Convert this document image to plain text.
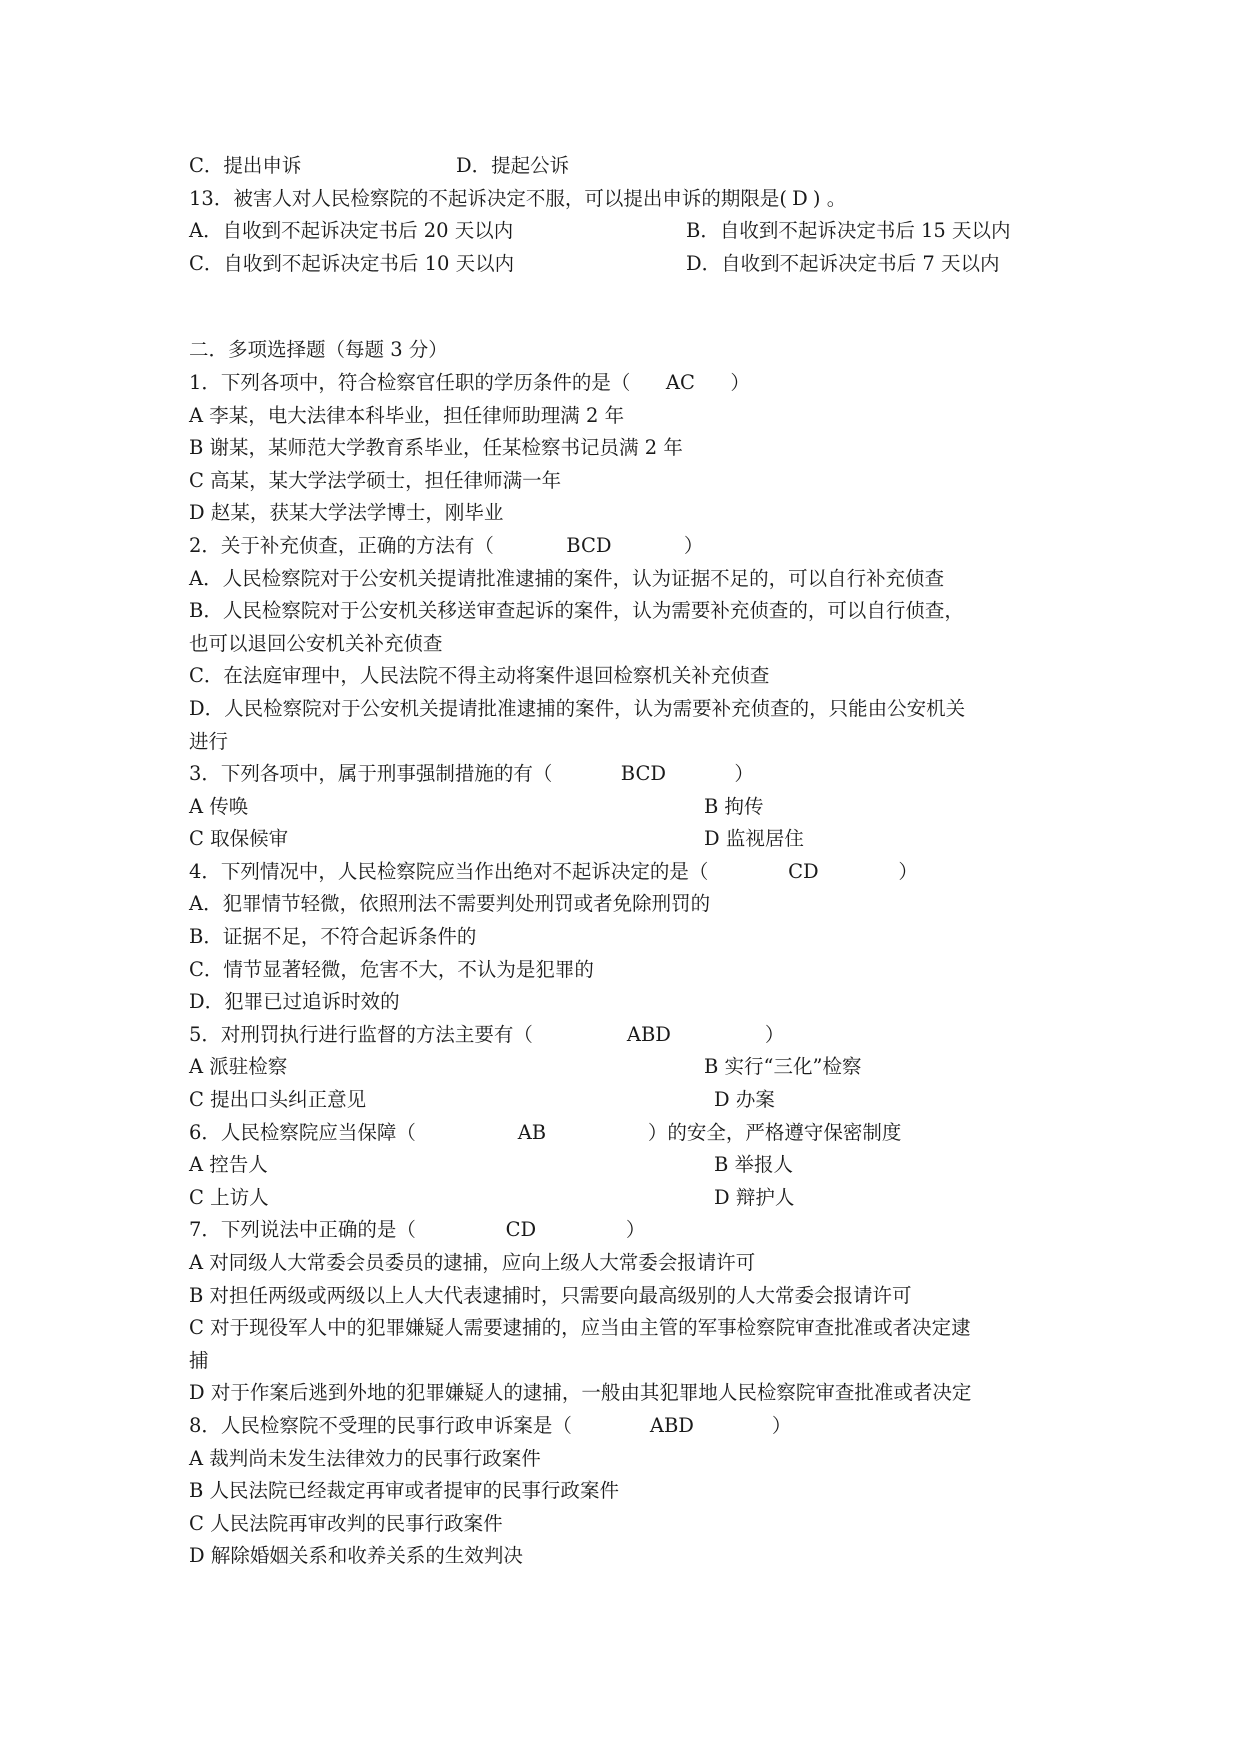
C．提出申诉	D．提起公诉
13．被害人对人民检察院的不起诉决定不服，可以提出申诉的期限是( D ) 。
A．自收到不起诉决定书后 20 天以内	B．自收到不起诉决定书后 15 天以内
C．自收到不起诉决定书后 10 天以内	D．自收到不起诉决定书后 7 天以内
二．多项选择题（每题 3 分）
1．下列各项中，符合检察官任职的学历条件的是（ AC ）
A 李某，电大法律本科毕业，担任律师助理满 2 年
B 谢某，某师范大学教育系毕业，任某检察书记员满 2 年
C 高某，某大学法学硕士，担任律师满一年
D 赵某，获某大学法学博士，刚毕业
2．关于补充侦查，正确的方法有（	BCD	）
A．人民检察院对于公安机关提请批准逮捕的案件，认为证据不足的，可以自行补充侦查
B．人民检察院对于公安机关移送审查起诉的案件，认为需要补充侦查的，可以自行侦查，
也可以退回公安机关补充侦查
C．在法庭审理中，人民法院不得主动将案件退回检察机关补充侦查
D．人民检察院对于公安机关提请批准逮捕的案件，认为需要补充侦查的，只能由公安机关
进行
3．下列各项中，属于刑事强制措施的有（	BCD	）
A 传唤	B 拘传
C 取保候审	D 监视居住
4．下列情况中，人民检察院应当作出绝对不起诉决定的是（	CD	）
A．犯罪情节轻微，依照刑法不需要判处刑罚或者免除刑罚的
B．证据不足，不符合起诉条件的
C．情节显著轻微，危害不大，不认为是犯罪的
D．犯罪已过追诉时效的
5．对刑罚执行进行监督的方法主要有（	ABD	）
A 派驻检察	B 实行“三化”检察
C 提出口头纠正意见	D 办案
6．人民检察院应当保障（	AB	）的安全，严格遵守保密制度
A 控告人	B 举报人
C 上访人	D 辩护人
7．下列说法中正确的是（	CD	）
A 对同级人大常委会员委员的逮捕，应向上级人大常委会报请许可
B 对担任两级或两级以上人大代表逮捕时，只需要向最高级别的人大常委会报请许可
C 对于现役军人中的犯罪嫌疑人需要逮捕的，应当由主管的军事检察院审查批准或者决定逮
捕
D 对于作案后逃到外地的犯罪嫌疑人的逮捕，一般由其犯罪地人民检察院审查批准或者决定
8．人民检察院不受理的民事行政申诉案是（	ABD	）
A 裁判尚未发生法律效力的民事行政案件
B 人民法院已经裁定再审或者提审的民事行政案件
C 人民法院再审改判的民事行政案件
D 解除婚姻关系和收养关系的生效判决
